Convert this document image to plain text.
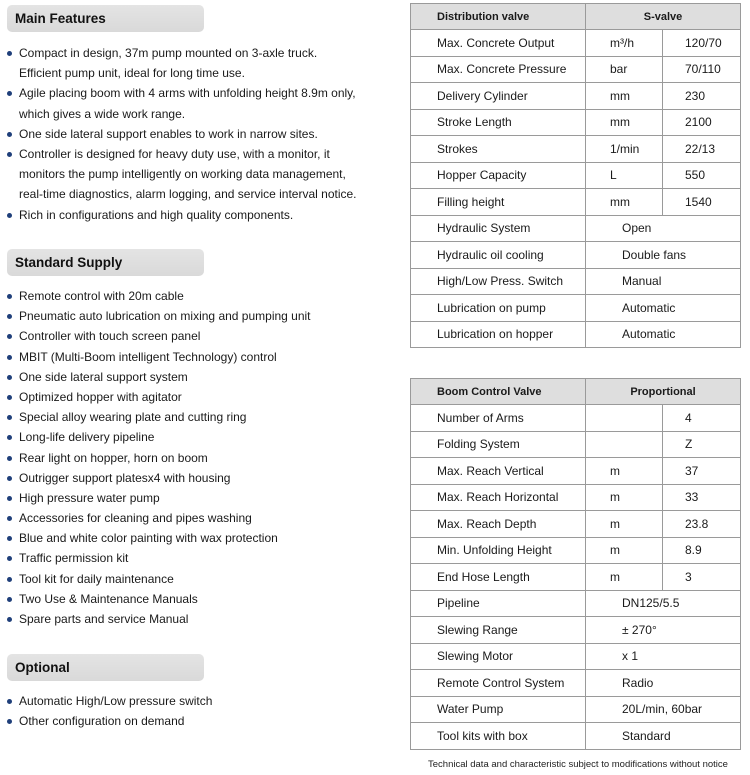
Main Features
Compact in design, 37m pump mounted on 3-axle truck.
Efficient pump unit, ideal for long time use.
Agile placing boom with 4 arms with unfolding height 8.9m only,
which gives a wide work range.
One side lateral support enables to work in narrow sites.
Controller is designed for heavy duty use, with a monitor, it
monitors the pump intelligently on working data management,
real-time diagnostics, alarm logging, and service interval notice.
Rich in configurations and high quality components.
Standard Supply
Remote control with 20m cable
Pneumatic auto lubrication on mixing and pumping unit
Controller with touch screen panel
MBIT (Multi-Boom intelligent Technology) control
One side lateral support system
Optimized hopper with agitator
Special alloy wearing plate and cutting ring
Long-life delivery pipeline
Rear light on hopper, horn on boom
Outrigger support platesx4 with housing
High pressure water pump
Accessories for cleaning and pipes washing
Blue and white color painting with wax protection
Traffic permission kit
Tool kit for daily maintenance
Two Use & Maintenance Manuals
Spare parts and service Manual
Optional
Automatic High/Low pressure switch
Other configuration on demand
Distribution valve	S-valve	
Max. Concrete Output	m³/h	120/70
Max. Concrete Pressure	bar	70/110
Delivery Cylinder	mm	230
Stroke Length	mm	2100
Strokes	1/min	22/13
Hopper Capacity	L	550
Filling height	mm	1540
Hydraulic System	Open	
Hydraulic oil cooling	Double fans	
High/Low Press. Switch	Manual	
Lubrication on pump	Automatic	
Lubrication on hopper	Automatic	
Boom Control Valve	Proportional	
Number of Arms		4
Folding System		Z
Max. Reach Vertical	m	37
Max. Reach Horizontal	m	33
Max. Reach Depth	m	23.8
Min. Unfolding Height	m	8.9
End Hose Length	m	3
Pipeline	DN125/5.5	
Slewing Range	± 270°	
Slewing Motor	x 1	
Remote Control System	Radio	
Water Pump	20L/min, 60bar	
Tool kits with box	Standard	
Technical data and characteristic subject to modifications without notice
